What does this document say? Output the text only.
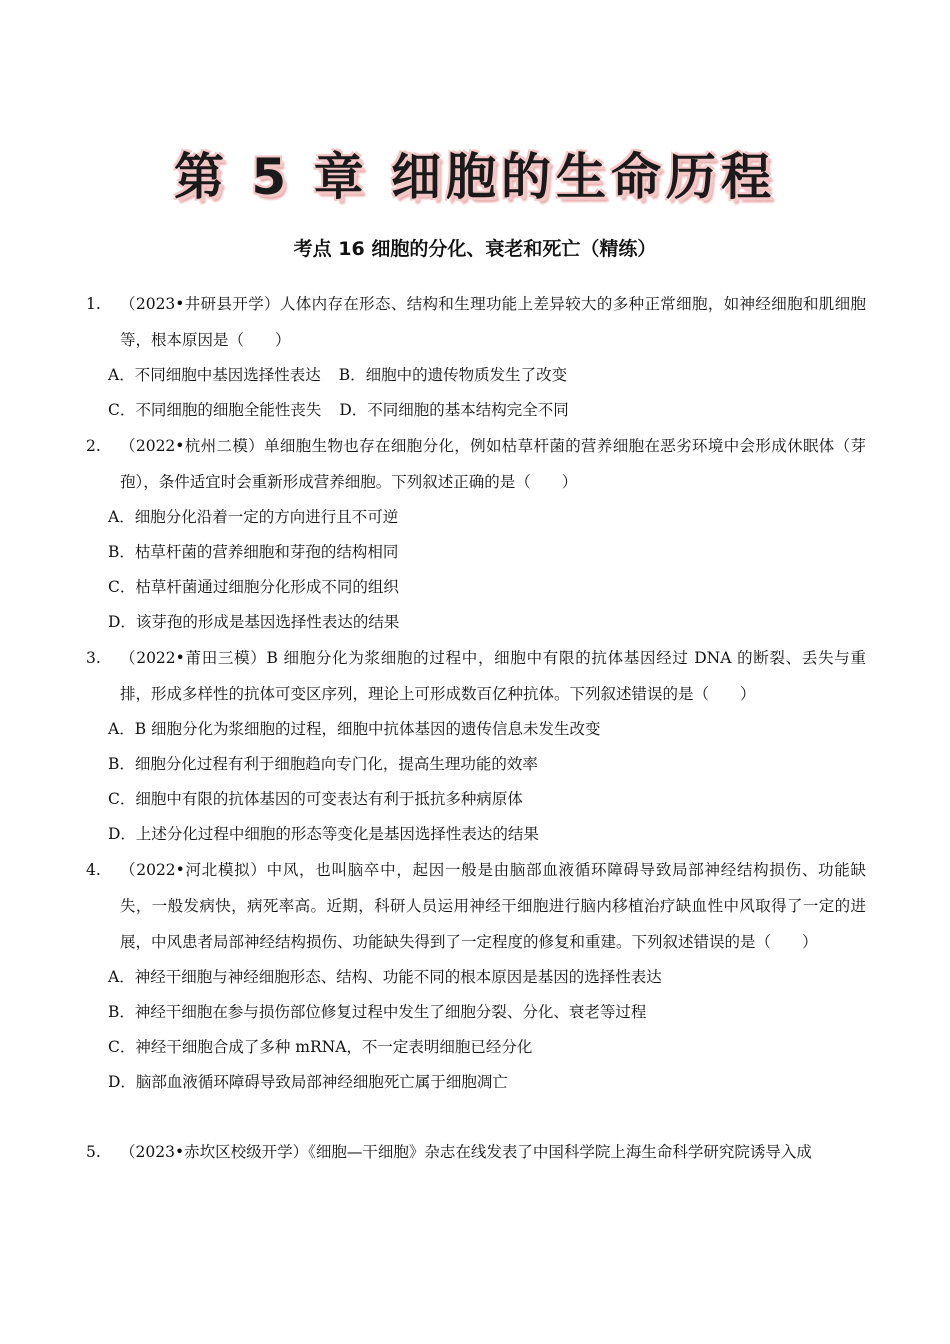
第 5 章 细胞的生命历程
考点 16 细胞的分化、衰老和死亡（精练）
1.	（2023•井研县开学）人体内存在形态、结构和生理功能上差异较大的多种正常细胞，如神经细胞和肌细胞等，根本原因是（　　）
A．不同细胞中基因选择性表达 B．细胞中的遗传物质发生了改变
C．不同细胞的细胞全能性丧失 D．不同细胞的基本结构完全不同
2.	（2022•杭州二模）单细胞生物也存在细胞分化，例如枯草杆菌的营养细胞在恶劣环境中会形成休眠体（芽孢），条件适宜时会重新形成营养细胞。下列叙述正确的是（　　）
A．细胞分化沿着一定的方向进行且不可逆
B．枯草杆菌的营养细胞和芽孢的结构相同
C．枯草杆菌通过细胞分化形成不同的组织
D．该芽孢的形成是基因选择性表达的结果
3.	（2022•莆田三模）B 细胞分化为浆细胞的过程中，细胞中有限的抗体基因经过 DNA 的断裂、丢失与重排，形成多样性的抗体可变区序列，理论上可形成数百亿种抗体。下列叙述错误的是（　　）
A．B 细胞分化为浆细胞的过程，细胞中抗体基因的遗传信息未发生改变
B．细胞分化过程有利于细胞趋向专门化，提高生理功能的效率
C．细胞中有限的抗体基因的可变表达有利于抵抗多种病原体
D．上述分化过程中细胞的形态等变化是基因选择性表达的结果
4.	（2022•河北模拟）中风，也叫脑卒中，起因一般是由脑部血液循环障碍导致局部神经结构损伤、功能缺失，一般发病快，病死率高。近期，科研人员运用神经干细胞进行脑内移植治疗缺血性中风取得了一定的进展，中风患者局部神经结构损伤、功能缺失得到了一定程度的修复和重建。下列叙述错误的是（　　）
A．神经干细胞与神经细胞形态、结构、功能不同的根本原因是基因的选择性表达
B．神经干细胞在参与损伤部位修复过程中发生了细胞分裂、分化、衰老等过程
C．神经干细胞合成了多种 mRNA，不一定表明细胞已经分化
D．脑部血液循环障碍导致局部神经细胞死亡属于细胞凋亡
5.	（2023•赤坎区校级开学）《细胞—干细胞》杂志在线发表了中国科学院上海生命科学研究院诱导入成
